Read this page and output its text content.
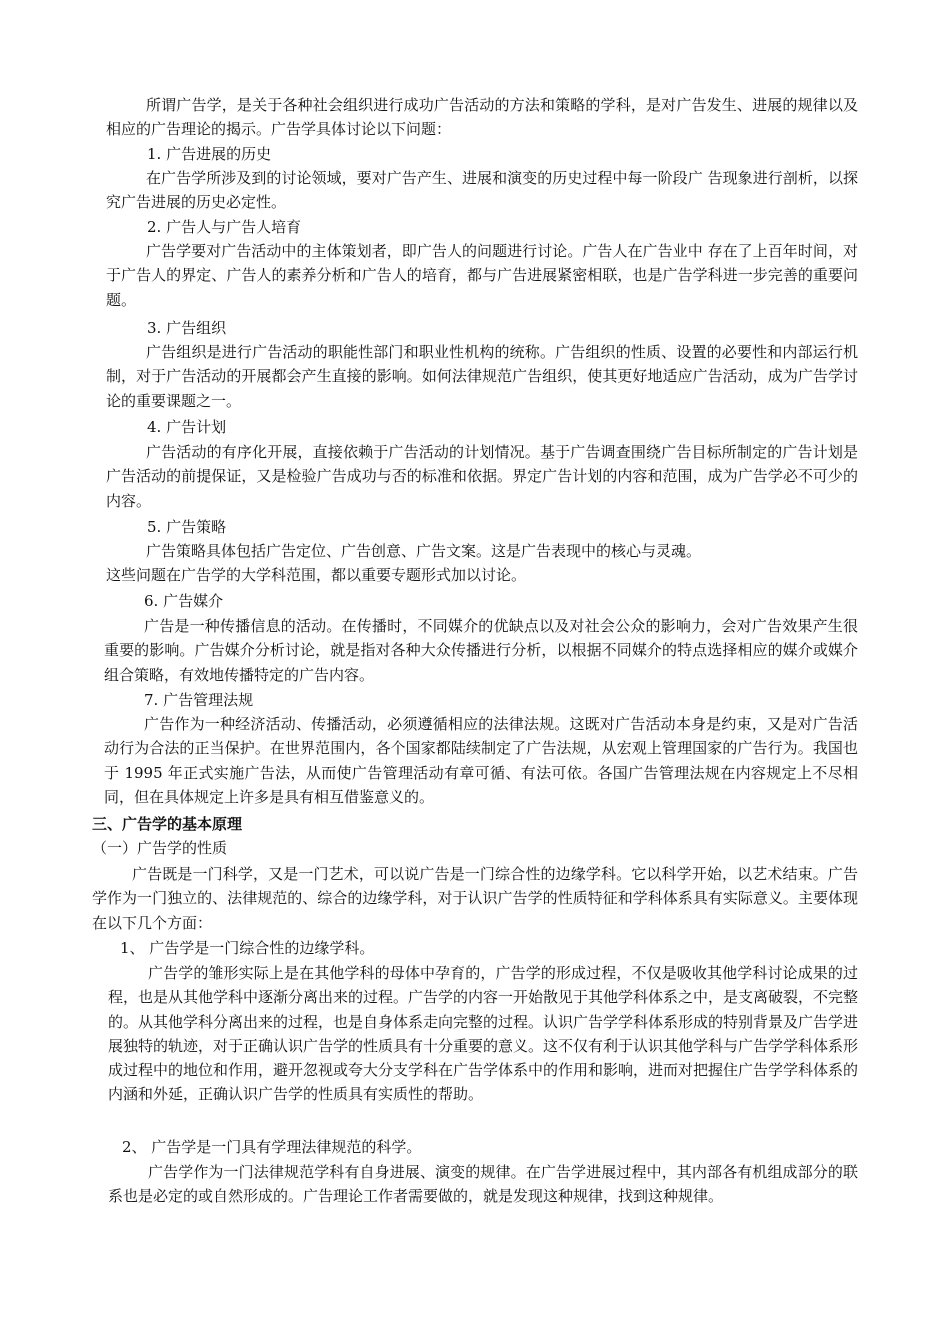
所谓广告学，是关于各种社会组织进行成功广告活动的方法和策略的学科，是对广告发生、进展的规律以及相应的广告理论的揭示。广告学具体讨论以下问题：

1. 广告进展的历史

在广告学所涉及到的讨论领域，要对广告产生、进展和演变的历史过程中每一阶段广 告现象进行剖析，以探究广告进展的历史必定性。

2. 广告人与广告人培育

广告学要对广告活动中的主体策划者，即广告人的问题进行讨论。广告人在广告业中 存在了上百年时间，对于广告人的界定、广告人的素养分析和广告人的培育，都与广告进展紧密相联，也是广告学科进一步完善的重要问题。

3. 广告组织

广告组织是进行广告活动的职能性部门和职业性机构的统称。广告组织的性质、设置的必要性和内部运行机制，对于广告活动的开展都会产生直接的影响。如何法律规范广告组织，使其更好地适应广告活动，成为广告学讨论的重要课题之一。

4. 广告计划

广告活动的有序化开展，直接依赖于广告活动的计划情况。基于广告调查围绕广告目标所制定的广告计划是广告活动的前提保证，又是检验广告成功与否的标准和依据。界定广告计划的内容和范围，成为广告学必不可少的内容。

5. 广告策略

广告策略具体包括广告定位、广告创意、广告文案。这是广告表现中的核心与灵魂。

这些问题在广告学的大学科范围，都以重要专题形式加以讨论。

6. 广告媒介

广告是一种传播信息的活动。在传播时，不同媒介的优缺点以及对社会公众的影响力，会对广告效果产生很重要的影响。广告媒介分析讨论，就是指对各种大众传播进行分析，以根据不同媒介的特点选择相应的媒介或媒介组合策略，有效地传播特定的广告内容。

7. 广告管理法规

广告作为一种经济活动、传播活动，必须遵循相应的法律法规。这既对广告活动本身是约束，又是对广告活动行为合法的正当保护。在世界范围内，各个国家都陆续制定了广告法规，从宏观上管理国家的广告行为。我国也于 1995 年正式实施广告法，从而使广告管理活动有章可循、有法可依。各国广告管理法规在内容规定上不尽相同，但在具体规定上许多是具有相互借鉴意义的。

三、广告学的基本原理

（一）广告学的性质

广告既是一门科学，又是一门艺术，可以说广告是一门综合性的边缘学科。它以科学开始，以艺术结束。广告学作为一门独立的、法律规范的、综合的边缘学科，对于认识广告学的性质特征和学科体系具有实际意义。主要体现在以下几个方面：

1、 广告学是一门综合性的边缘学科。

广告学的雏形实际上是在其他学科的母体中孕育的，广告学的形成过程，不仅是吸收其他学科讨论成果的过程，也是从其他学科中逐渐分离出来的过程。广告学的内容一开始散见于其他学科体系之中，是支离破裂，不完整的。从其他学科分离出来的过程，也是自身体系走向完整的过程。认识广告学学科体系形成的特别背景及广告学进展独特的轨迹，对于正确认识广告学的性质具有十分重要的意义。这不仅有利于认识其他学科与广告学学科体系形成过程中的地位和作用，避开忽视或夸大分支学科在广告学体系中的作用和影响，进而对把握住广告学学科体系的内涵和外延，正确认识广告学的性质具有实质性的帮助。

2、 广告学是一门具有学理法律规范的科学。

广告学作为一门法律规范学科有自身进展、演变的规律。在广告学进展过程中，其内部各有机组成部分的联系也是必定的或自然形成的。广告理论工作者需要做的，就是发现这种规律，找到这种规律。
